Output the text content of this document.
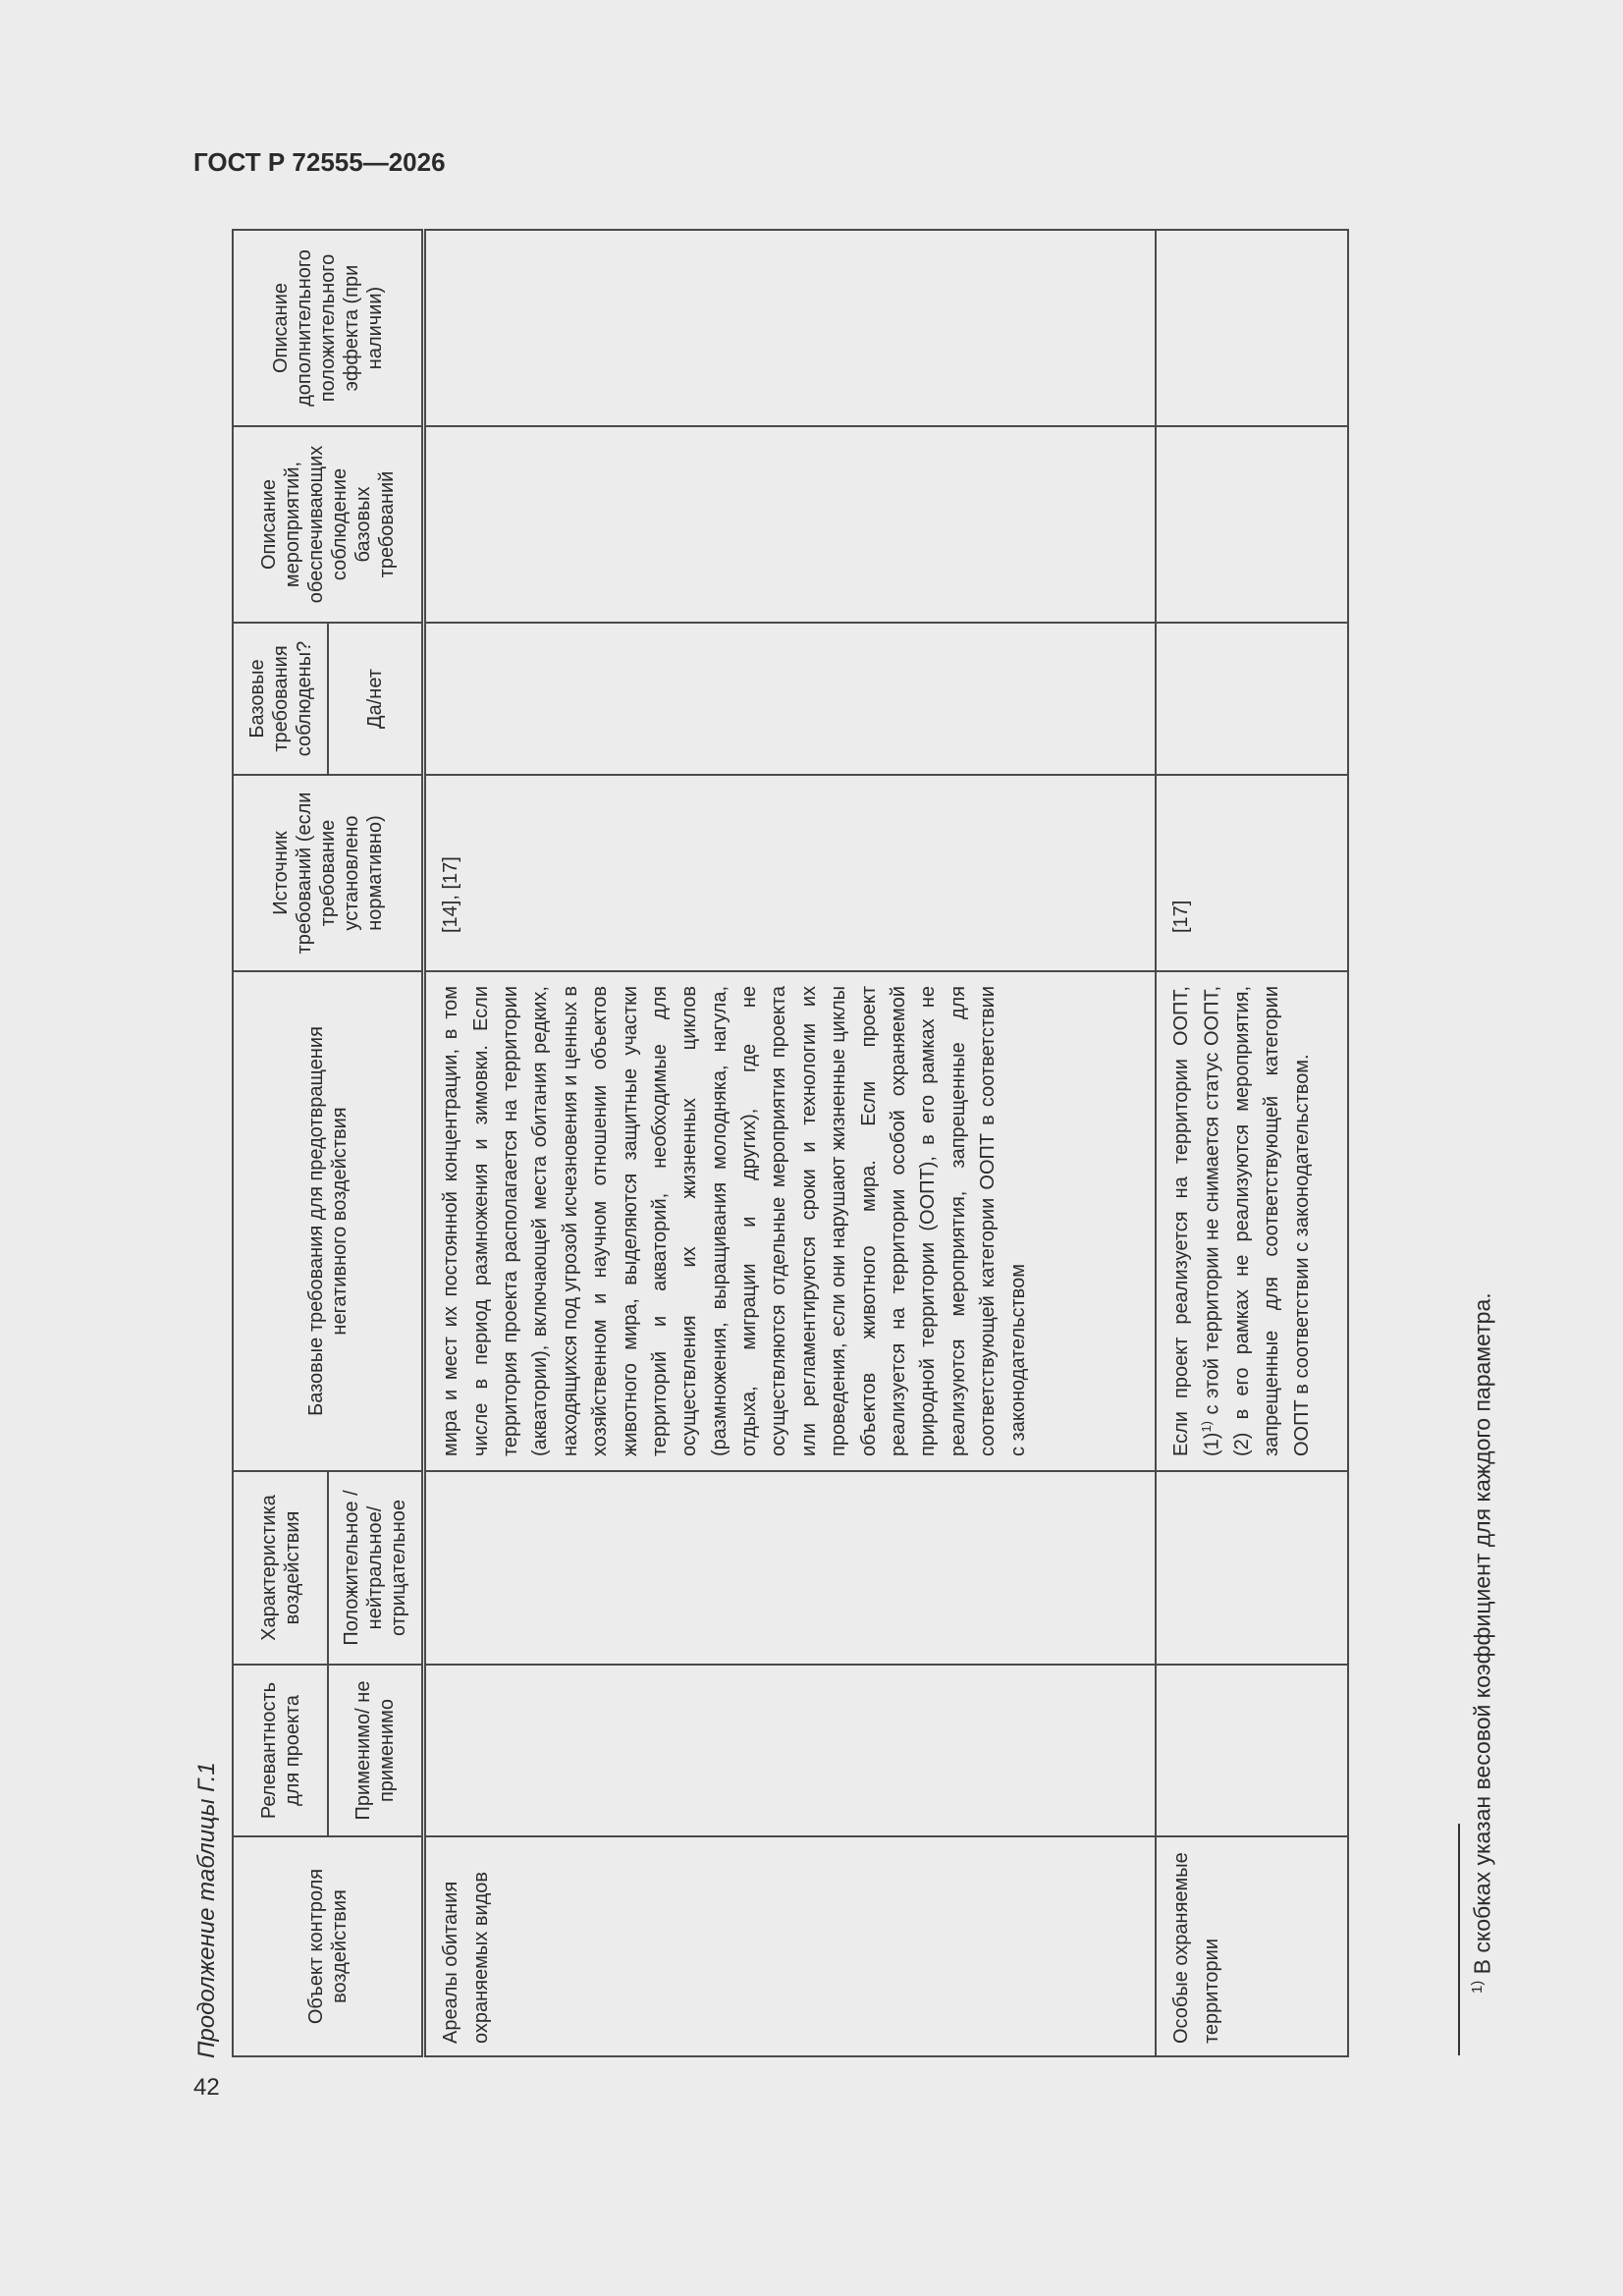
ГОСТ Р 72555—2026
Продолжение таблицы Г.1
42
Объект контроля воздействия	Релевантность для проекта	Характеристика воздействия	Базовые требования для предотвращения негативного воздействия	Источник требований (если требование установлено нормативно)	Базовые требования соблюдены?	Описание мероприятий, обеспечивающих соблюдение базовых требований	Описание дополнительного положительного эффекта (при наличии)
	Применимо/ не применимо	Положительное /нейтральное/ отрицательное			Да/нет		
Ареалы обитания охраняемых видов			мира и мест их постоянной концентрации, в том числе в период размножения и зимовки. Если территория проекта располагается на территории (акватории), включающей места обитания редких, находящихся под угрозой исчезновения и ценных в хозяйственном и научном отношении объектов животного мира, выделяются защитные участки территорий и акваторий, необходимые для осуществления их жизненных циклов (размножения, выращивания молодняка, нагула, отдыха, миграции и других), где не осуществляются отдельные мероприятия проекта или регламентируются сроки и технологии их проведения, если они нарушают жизненные циклы объектов животного мира. Если проект реализуется на территории особой охраняемой природной территории (ООПТ), в его рамках не реализуются мероприятия, запрещенные для соответствующей категории ООПТ в соответствии с законодательством	[14], [17]			
Особые охраняемые территории			Если проект реализуется на территории ООПТ, $(1)^{1)}$ с этой территории не снимается статус ООПТ, (2) в его рамках не реализуются мероприятия, запрещенные для соответствующей категории ООПТ в соответствии с законодательством.	[17]			
$^{1)}$ В скобках указан весовой коэффициент для каждого параметра.
